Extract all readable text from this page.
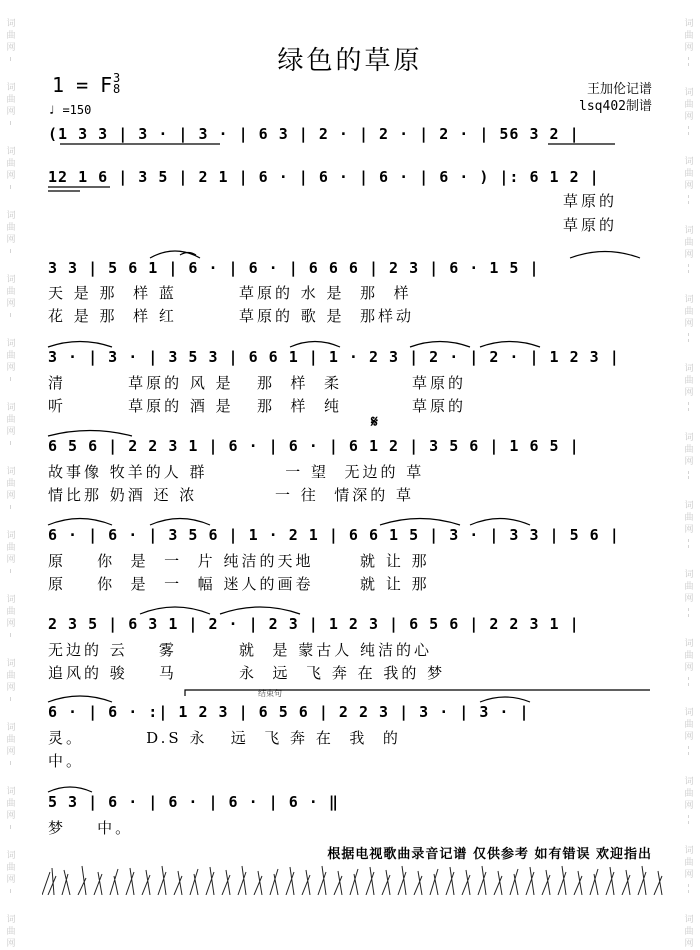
词
曲
网
词
曲
网
词
曲
网
词
曲
网
词
曲
网
词
曲
网
词
曲
网
词
曲
网
词
曲
网
词
曲
网
词
曲
网
词
曲
网
词
曲
网
词
曲
网
词
曲
网
词
曲
网
词
曲
网
词
曲
网
词
曲
网
词
曲
网
词
曲
网
词
曲
网
词
曲
网
词
曲
网
词
曲
网
词
曲
网
词
曲
网
词
曲
网
词
曲
网
绿色的草原
1 = F 3
8
♩ =150
王加伦记谱
lsq402制谱
(1 3 3 | 3 · | 3 · | 6 3 | 2 · | 2 · | 2 · | 56 3 2 |
12 1 6 | 3 5 | 2 1 | 6 · | 6 · | 6 · | 6 · ) |: 6 1 2 |
草原的
草原的
3 3 | 5 6 1 | 6 · | 6 · | 6 6 6 | 2 3 | 6 · 1 5 |
天 是 那  样 蓝        草原的 水 是  那  样
花 是 那  样 红        草原的 歌 是  那样动
3 · | 3 · | 3 5 3 | 6 6 1 | 1 · 2 3 | 2 · | 2 · | 1 2 3 |
清        草原的 风 是   那  样  柔         草原的
听        草原的 酒 是   那  样  纯         草原的
𝄋
6 5 6 | 2 2 3 1 | 6 · | 6 · | 6 1 2 | 3 5 6 | 1 6 5 |
故事像 牧羊的人 群          一 望  无边的 草
情比那 奶酒 还 浓          一 往  情深的 草
6 · | 6 · | 3 5 6 | 1 · 2 1 | 6 6 1 5 | 3 · | 3 3 | 5 6 |
原    你  是  一  片 纯洁的天地      就 让 那
原    你  是  一  幅 迷人的画卷      就 让 那
2 3 5 | 6 3 1 | 2 · | 2 3 | 1 2 3 | 6 5 6 | 2 2 3 1 |
无边的 云    雾        就  是 蒙古人 纯洁的心
追风的 骏    马        永  远  飞 奔 在 我的 梦
结束句
6 · | 6 · :| 1 2 3 | 6 5 6 | 2 2 3 | 3 · | 3 · |
灵。        D.S 永   远  飞 奔 在  我  的
中。
5 3 | 6 · | 6 · | 6 · | 6 · ‖
梦    中。
根据电视歌曲录音记谱 仅供参考 如有错误 欢迎指出
